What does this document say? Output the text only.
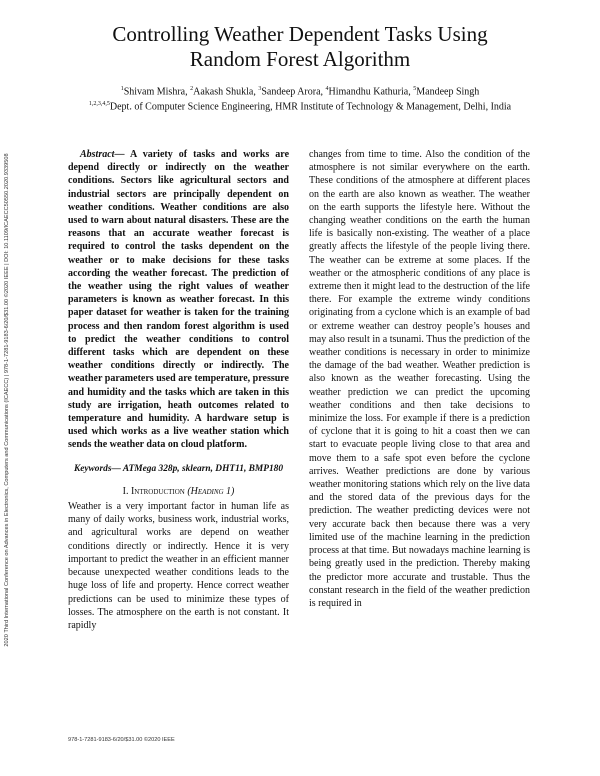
2020 Third International Conference on Advances in Electronics, Computers and Communications (ICAECC) | 978-1-7281-9183-6/20/$31.00 ©2020 IEEE | DOI: 10.1109/ICAECC50550.2020.9339508
Controlling Weather Dependent Tasks Using
Random Forest Algorithm
$^1$Shivam Mishra, $^2$Aakash Shukla, $^3$Sandeep Arora, $^4$Himandhu Kathuria, $^5$Mandeep Singh
$^{1,2,3,4,5}$Dept. of Computer Science Engineering, HMR Institute of Technology & Management, Delhi, India

Abstract— A variety of tasks and works are depend directly or indirectly on the weather conditions. Sectors like agricultural sectors and industrial sectors are principally dependent on weather conditions. Weather conditions are also used to warn about natural disasters. These are the reasons that an accurate weather forecast is required to control the tasks dependent on the weather or to make decisions for these tasks according the weather forecast. The prediction of the weather using the right values of weather parameters is known as weather forecast. In this paper dataset for weather is taken for the training process and then random forest algorithm is used to predict the weather conditions to control different tasks which are dependent on these weather conditions directly or indirectly. The weather parameters used are temperature, pressure and humidity and the tasks which are taken in this study are irrigation, heath outcomes related to temperature and humidity. A hardware setup is used which works as a live weather station which sends the weather data on cloud platform.

Keywords— ATMega 328p, sklearn, DHT11, BMP180

I. Introduction (Heading 1)

Weather is a very important factor in human life as many of daily works, business work, industrial works, and agricultural works are depend on weather conditions directly or indirectly. Hence it is very important to predict the weather in an efficient manner because unexpected weather conditions leads to the huge loss of life and property. Hence correct weather predictions can be used to minimize these types of losses. The atmosphere on the earth is not constant. It rapidly

changes from time to time. Also the condition of the atmosphere is not similar everywhere on the earth. These conditions of the atmosphere at different places on the earth are also known as weather. The weather on the earth supports the lifestyle here. Without the changing weather conditions on the earth the human life is basically non-existing. The weather of a place greatly affects the lifestyle of the people living there. The weather can be extreme at some places. If the weather or the atmospheric conditions of any place is extreme then it might lead to the destruction of the life there. For example the extreme windy conditions originating from a cyclone which is an example of bad or extreme weather can destroy people’s houses and may also result in a tsunami. Thus the prediction of the weather conditions is necessary in order to minimize the damage of the bad weather. Weather prediction is also known as the weather forecasting. Using the weather prediction we can predict the upcoming weather conditions and then take decisions to minimize the loss. For example if there is a prediction of cyclone that it is going to hit a coast then we can start to evacuate people living close to that area and move them to a safe spot even before the cyclone arrives. Weather predictions are done by various weather monitoring stations which rely on the live data and the stored data of the previous days for the prediction. The weather predicting devices were not very accurate back then because there was a very limited use of the machine learning in the prediction process at that time. But nowadays machine learning is being greatly used in the prediction. Thereby making the predictor more accurate and trustable. Thus the constant research in the field of the weather prediction is required in

978-1-7281-9183-6/20/$31.00 ©2020 IEEE
